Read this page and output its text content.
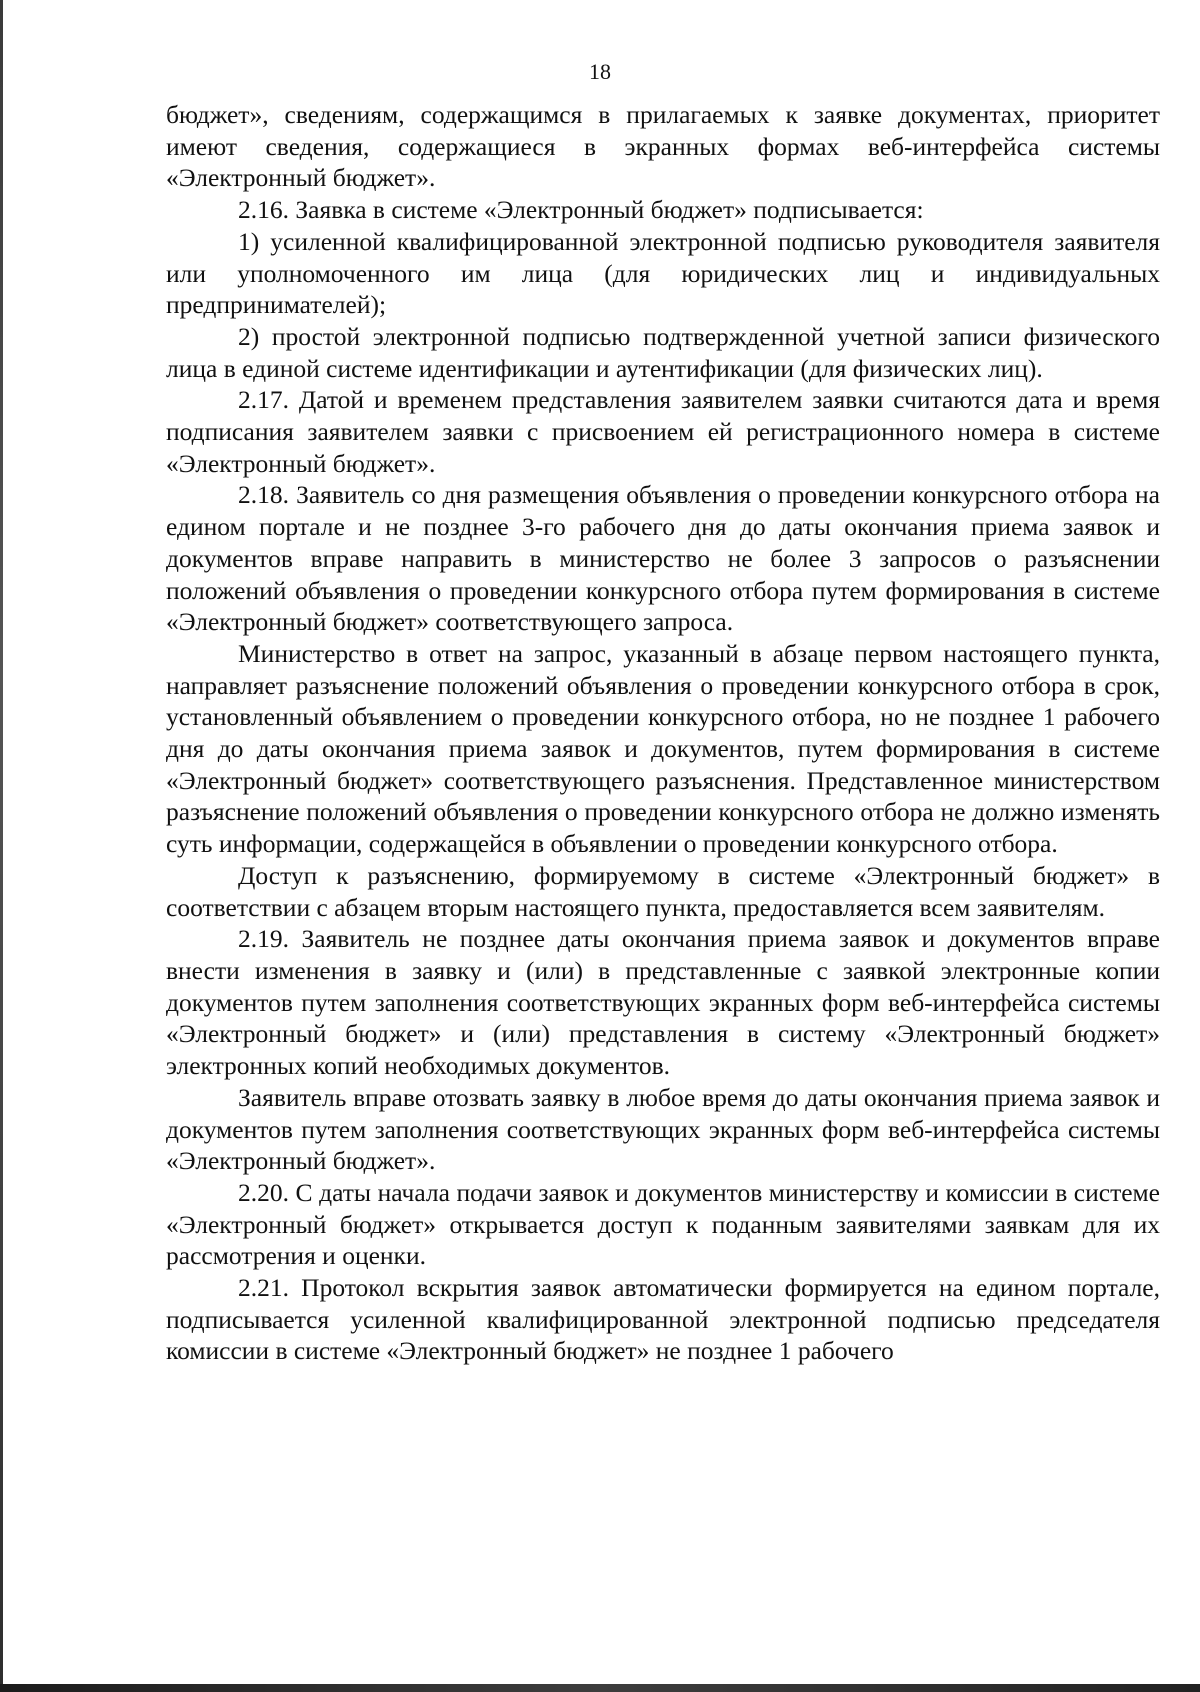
18

бюджет», сведениям, содержащимся в прилагаемых к заявке документах, приоритет имеют сведения, содержащиеся в экранных формах веб-интерфейса системы «Электронный бюджет».

2.16. Заявка в системе «Электронный бюджет» подписывается:

1) усиленной квалифицированной электронной подписью руководителя заявителя или уполномоченного им лица (для юридических лиц и индивидуальных предпринимателей);

2) простой электронной подписью подтвержденной учетной записи физического лица в единой системе идентификации и аутентификации (для физических лиц).

2.17. Датой и временем представления заявителем заявки считаются дата и время подписания заявителем заявки с присвоением ей регистрационного номера в системе «Электронный бюджет».

2.18. Заявитель со дня размещения объявления о проведении конкурсного отбора на едином портале и не позднее 3-го рабочего дня до даты окончания приема заявок и документов вправе направить в министерство не более 3 запросов о разъяснении положений объявления о проведении конкурсного отбора путем формирования в системе «Электронный бюджет» соответствующего запроса.

Министерство в ответ на запрос, указанный в абзаце первом настоящего пункта, направляет разъяснение положений объявления о проведении конкурсного отбора в срок, установленный объявлением о проведении конкурсного отбора, но не позднее 1 рабочего дня до даты окончания приема заявок и документов, путем формирования в системе «Электронный бюджет» соответствующего разъяснения. Представленное министерством разъяснение положений объявления о проведении конкурсного отбора не должно изменять суть информации, содержащейся в объявлении о проведении конкурсного отбора.

Доступ к разъяснению, формируемому в системе «Электронный бюджет» в соответствии с абзацем вторым настоящего пункта, предоставляется всем заявителям.

2.19. Заявитель не позднее даты окончания приема заявок и документов вправе внести изменения в заявку и (или) в представленные с заявкой электронные копии документов путем заполнения соответствующих экранных форм веб-интерфейса системы «Электронный бюджет» и (или) представления в систему «Электронный бюджет» электронных копий необходимых документов.

Заявитель вправе отозвать заявку в любое время до даты окончания приема заявок и документов путем заполнения соответствующих экранных форм веб-интерфейса системы «Электронный бюджет».

2.20. С даты начала подачи заявок и документов министерству и комиссии в системе «Электронный бюджет» открывается доступ к поданным заявителями заявкам для их рассмотрения и оценки.

2.21. Протокол вскрытия заявок автоматически формируется на едином портале, подписывается усиленной квалифицированной электронной подписью председателя комиссии в системе «Электронный бюджет» не позднее 1 рабочего
